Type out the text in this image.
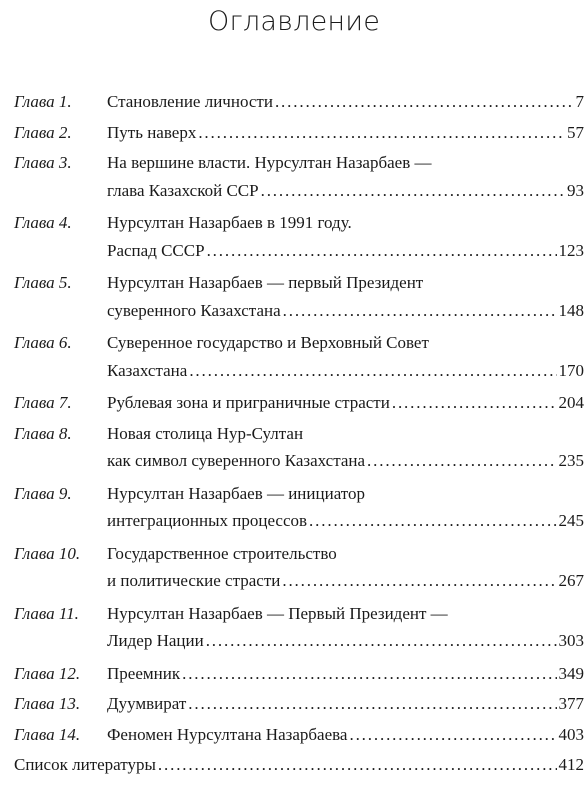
Оглавление
Глава 1. Становление личности . . .	7
Глава 2. Путь наверх . . .	57
Глава 3. На вершине власти. Нурсултан Назарбаев —
глава Казахской ССР . . .	93
Глава 4. Нурсултан Назарбаев в 1991 году.
Распад СССР . . .	123
Глава 5. Нурсултан Назарбаев — первый Президент
суверенного Казахстана . . .	148
Глава 6. Суверенное государство и Верховный Совет
Казахстана . . .	170
Глава 7. Рублевая зона и приграничные страсти . . .	204
Глава 8. Новая столица Нур-Султан
как символ суверенного Казахстана . . .	235
Глава 9. Нурсултан Назарбаев — инициатор
интеграционных процессов . . .	245
Глава 10. Государственное строительство
и политические страсти . . .	267
Глава 11. Нурсултан Назарбаев — Первый Президент —
Лидер Нации . . .	303
Глава 12. Преемник . . .	349
Глава 13. Дуумвират . . .	377
Глава 14. Феномен Нурсултана Назарбаева . . .	403
Список литературы . . .	412
